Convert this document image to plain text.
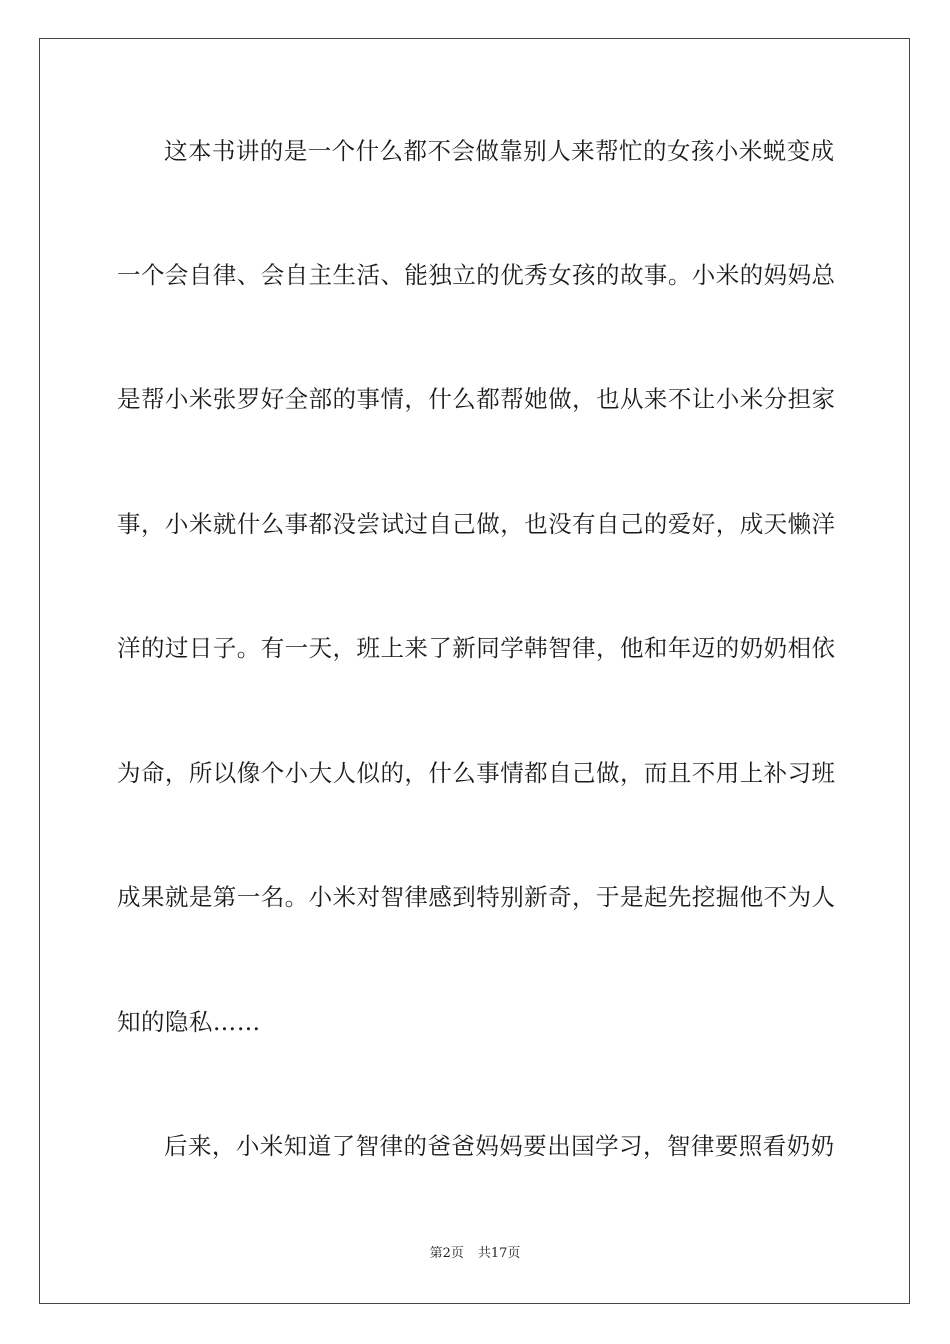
这本书讲的是一个什么都不会做靠别人来帮忙的女孩小米蜕变成
一个会自律、会自主生活、能独立的优秀女孩的故事。小米的妈妈总
是帮小米张罗好全部的事情，什么都帮她做，也从来不让小米分担家
事，小米就什么事都没尝试过自己做，也没有自己的爱好，成天懒洋
洋的过日子。有一天，班上来了新同学韩智律，他和年迈的奶奶相依
为命，所以像个小大人似的，什么事情都自己做，而且不用上补习班
成果就是第一名。小米对智律感到特别新奇，于是起先挖掘他不为人
知的隐私……
后来，小米知道了智律的爸爸妈妈要出国学习，智律要照看奶奶
第2页 共17页
